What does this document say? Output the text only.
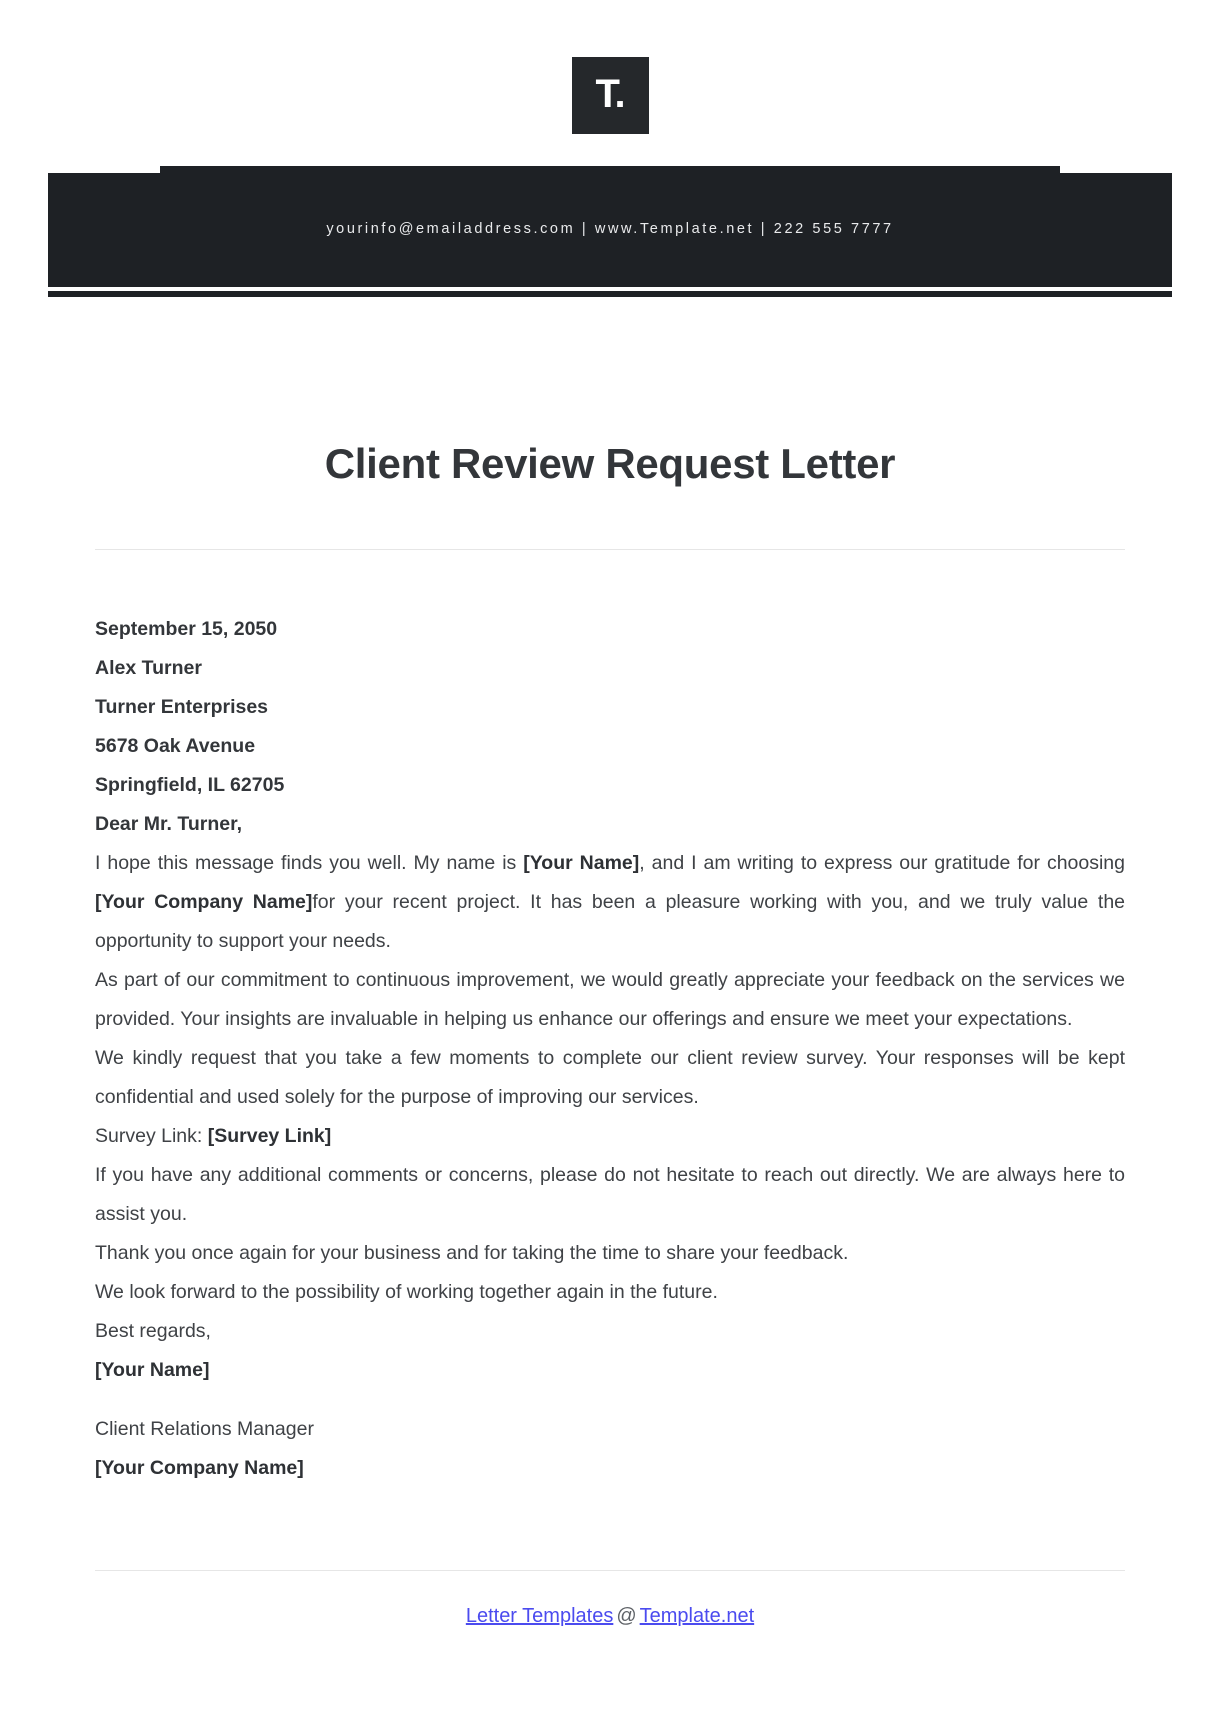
T.
yourinfo@emailaddress.com | www.Template.net | 222 555 7777
Client Review Request Letter

September 15, 2050

Alex Turner

Turner Enterprises

5678 Oak Avenue

Springfield, IL 62705

Dear Mr. Turner,

I hope this message finds you well. My name is [Your Name], and I am writing to express our gratitude for choosing [Your Company Name]for your recent project. It has been a pleasure working with you, and we truly value the opportunity to support your needs.

As part of our commitment to continuous improvement, we would greatly appreciate your feedback on the services we provided. Your insights are invaluable in helping us enhance our offerings and ensure we meet your expectations.

We kindly request that you take a few moments to complete our client review survey. Your responses will be kept confidential and used solely for the purpose of improving our services.

Survey Link: [Survey Link]

If you have any additional comments or concerns, please do not hesitate to reach out directly. We are always here to assist you.

Thank you once again for your business and for taking the time to share your feedback.

We look forward to the possibility of working together again in the future.

Best regards,

[Your Name]

Client Relations Manager

[Your Company Name]

Letter Templates @ Template.net
